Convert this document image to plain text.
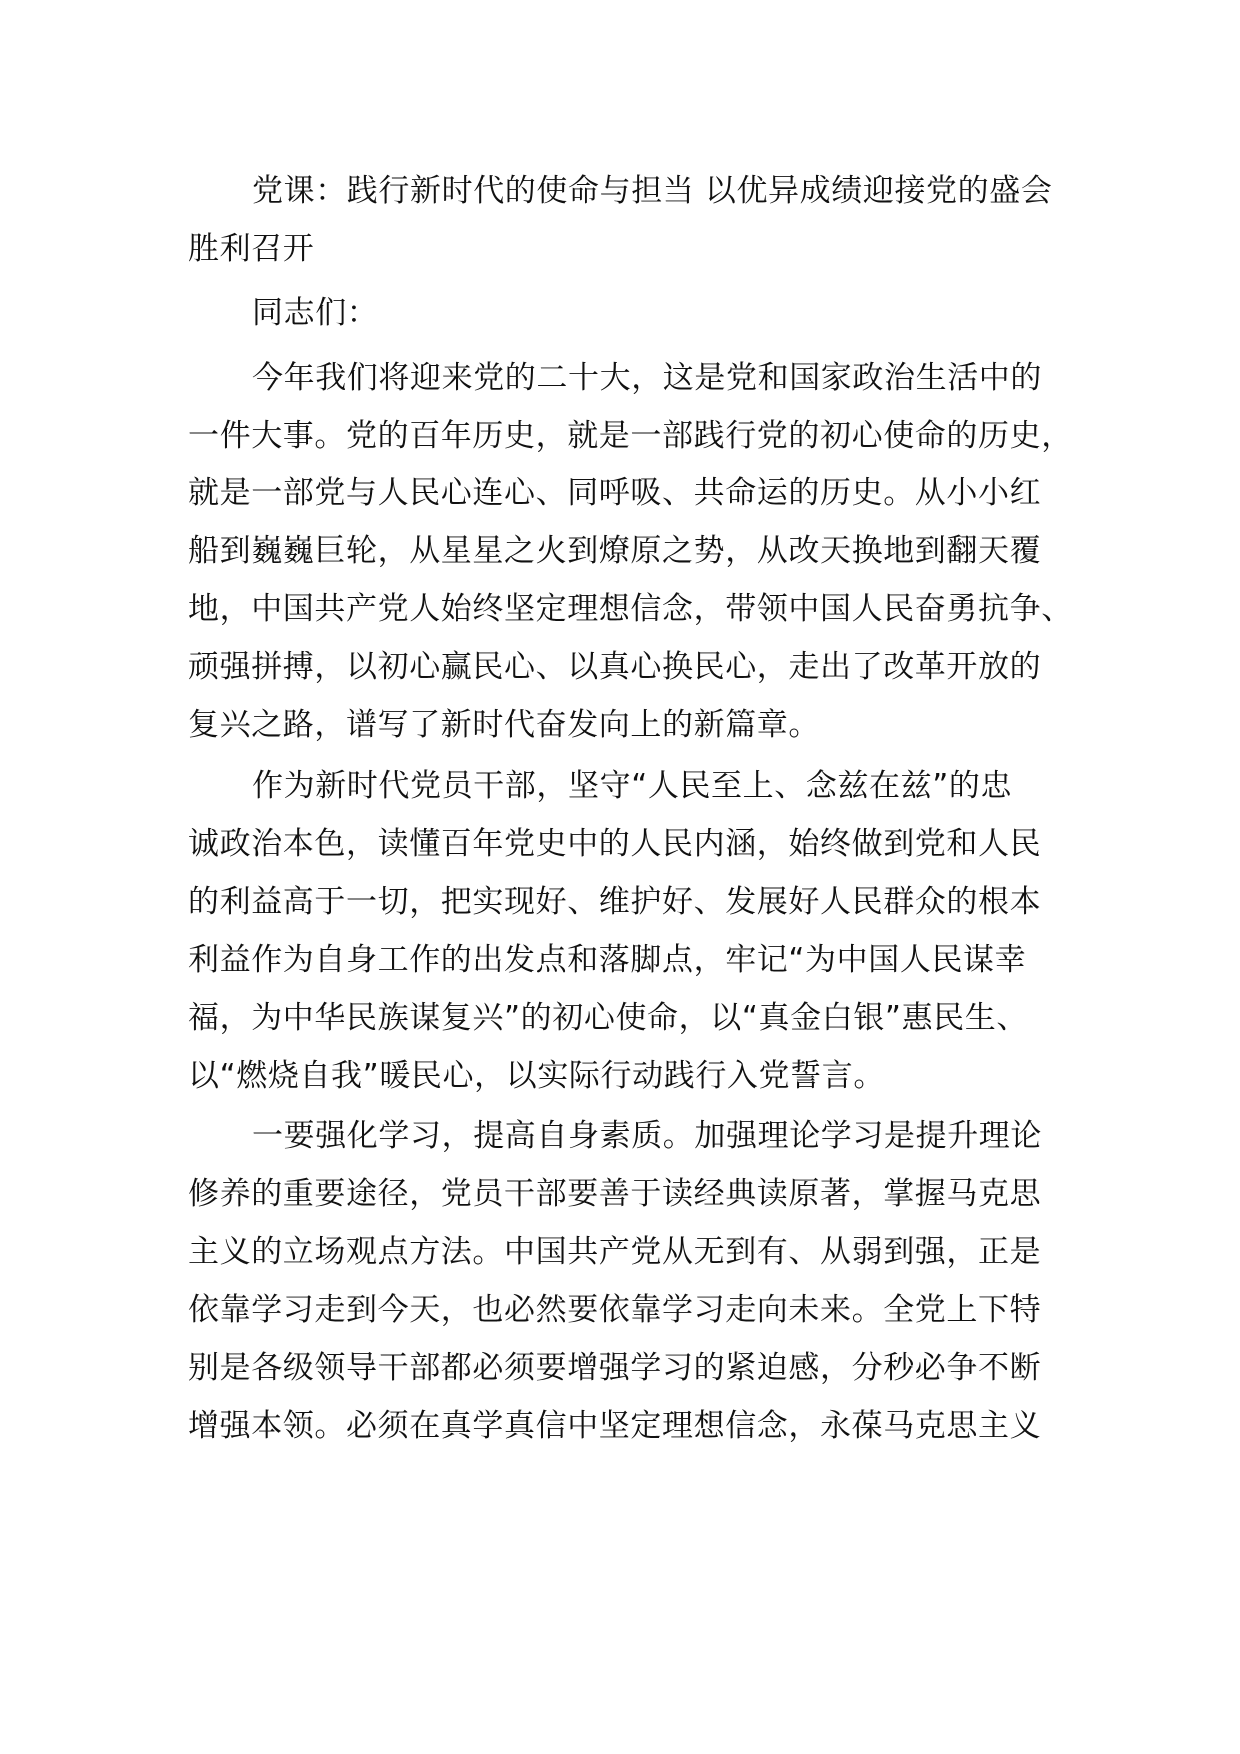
党课：践行新时代的使命与担当 以优异成绩迎接党的盛会
胜利召开
同志们：
今年我们将迎来党的二十大，这是党和国家政治生活中的
一件大事。党的百年历史，就是一部践行党的初心使命的历史，
就是一部党与人民心连心、同呼吸、共命运的历史。从小小红
船到巍巍巨轮，从星星之火到燎原之势，从改天换地到翻天覆
地，中国共产党人始终坚定理想信念，带领中国人民奋勇抗争、
顽强拼搏，以初心赢民心、以真心换民心，走出了改革开放的
复兴之路，谱写了新时代奋发向上的新篇章。
作为新时代党员干部，坚守“人民至上、念兹在兹”的忠
诚政治本色，读懂百年党史中的人民内涵，始终做到党和人民
的利益高于一切，把实现好、维护好、发展好人民群众的根本
利益作为自身工作的出发点和落脚点，牢记“为中国人民谋幸
福，为中华民族谋复兴”的初心使命，以“真金白银”惠民生、
以“燃烧自我”暖民心，以实际行动践行入党誓言。
一要强化学习，提高自身素质。加强理论学习是提升理论
修养的重要途径，党员干部要善于读经典读原著，掌握马克思
主义的立场观点方法。中国共产党从无到有、从弱到强，正是
依靠学习走到今天，也必然要依靠学习走向未来。全党上下特
别是各级领导干部都必须要增强学习的紧迫感，分秒必争不断
增强本领。必须在真学真信中坚定理想信念，永葆马克思主义
